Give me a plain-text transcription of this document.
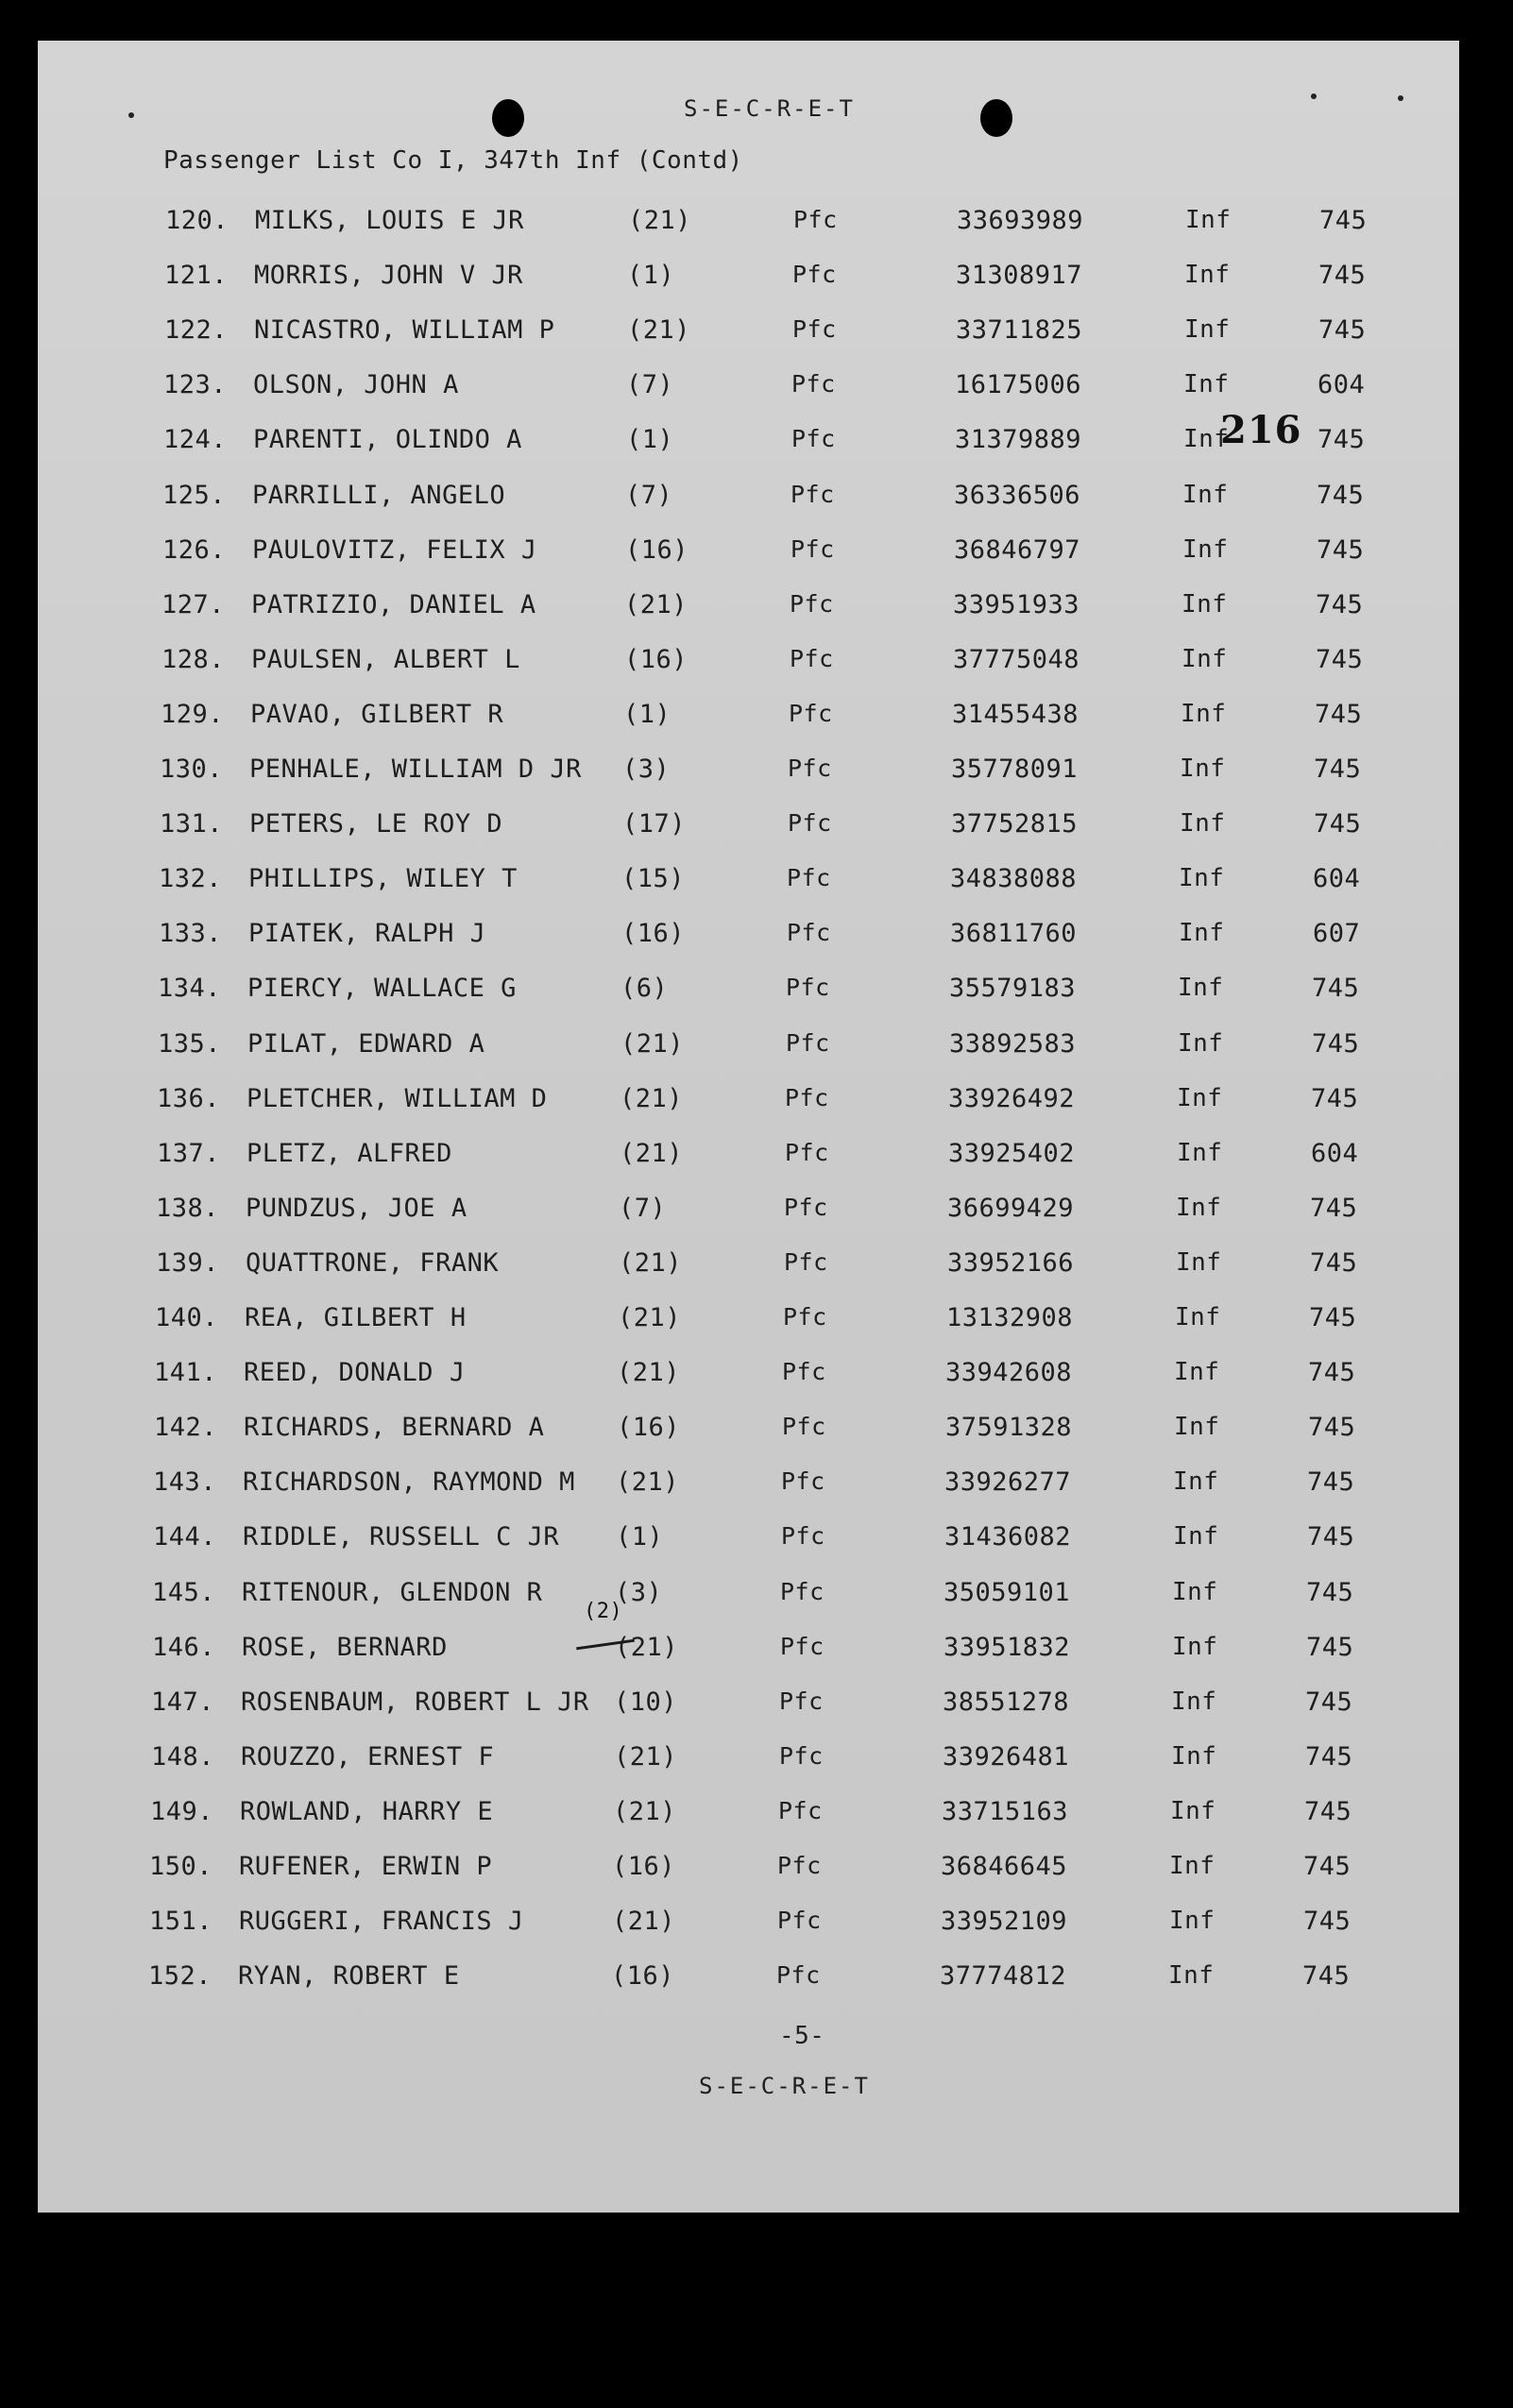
S-E-C-R-E-T
Passenger List Co I, 347th Inf (Contd)
120. MILKS, LOUIS E JR	(21)	Pfc	33693989	Inf	745
121. MORRIS, JOHN V JR	(1)	Pfc	31308917	Inf	745
122. NICASTRO, WILLIAM P	(21)	Pfc	33711825	Inf	745
123. OLSON, JOHN A	(7)	Pfc	16175006	Inf	604
124. PARENTI, OLINDO A	(1)	Pfc	31379889	Inf	745
125. PARRILLI, ANGELO	(7)	Pfc	36336506	Inf	745
126. PAULOVITZ, FELIX J	(16)	Pfc	36846797	Inf	745
127. PATRIZIO, DANIEL A	(21)	Pfc	33951933	Inf	745
128. PAULSEN, ALBERT L	(16)	Pfc	37775048	Inf	745
129. PAVAO, GILBERT R	(1)	Pfc	31455438	Inf	745
130. PENHALE, WILLIAM D JR (3)	Pfc	35778091	Inf	745
131. PETERS, LE ROY D	(17)	Pfc	37752815	Inf	745
132. PHILLIPS, WILEY T	(15)	Pfc	34838088	Inf	604
133. PIATEK, RALPH J	(16)	Pfc	36811760	Inf	607
134. PIERCY, WALLACE G	(6)	Pfc	35579183	Inf	745
135. PILAT, EDWARD A	(21)	Pfc	33892583	Inf	745
136. PLETCHER, WILLIAM D	(21)	Pfc	33926492	Inf	745
137. PLETZ, ALFRED	(21)	Pfc	33925402	Inf	604
138. PUNDZUS, JOE A	(7)	Pfc	36699429	Inf	745
139. QUATTRONE, FRANK	(21)	Pfc	33952166	Inf	745
140. REA, GILBERT H	(21)	Pfc	13132908	Inf	745
141. REED, DONALD J	(21)	Pfc	33942608	Inf	745
142. RICHARDS, BERNARD A	(16)	Pfc	37591328	Inf	745
143. RICHARDSON, RAYMOND M (21)	Pfc	33926277	Inf	745
144. RIDDLE, RUSSELL C JR (1)	Pfc	31436082	Inf	745
145. RITENOUR, GLENDON R	(3)	Pfc	35059101	Inf	745
146. ROSE, BERNARD	(21)	Pfc	33951832	Inf	745
147. ROSENBAUM, ROBERT L JR (10)	Pfc	38551278	Inf	745
148. ROUZZO, ERNEST F	(21)	Pfc	33926481	Inf	745
149. ROWLAND, HARRY E	(21)	Pfc	33715163	Inf	745
150. RUFENER, ERWIN P	(16)	Pfc	36846645	Inf	745
151. RUGGERI, FRANCIS J	(21)	Pfc	33952109	Inf	745
152. RYAN, ROBERT E	(16)	Pfc	37774812	Inf	745
216
(2)
-5-
S-E-C-R-E-T
